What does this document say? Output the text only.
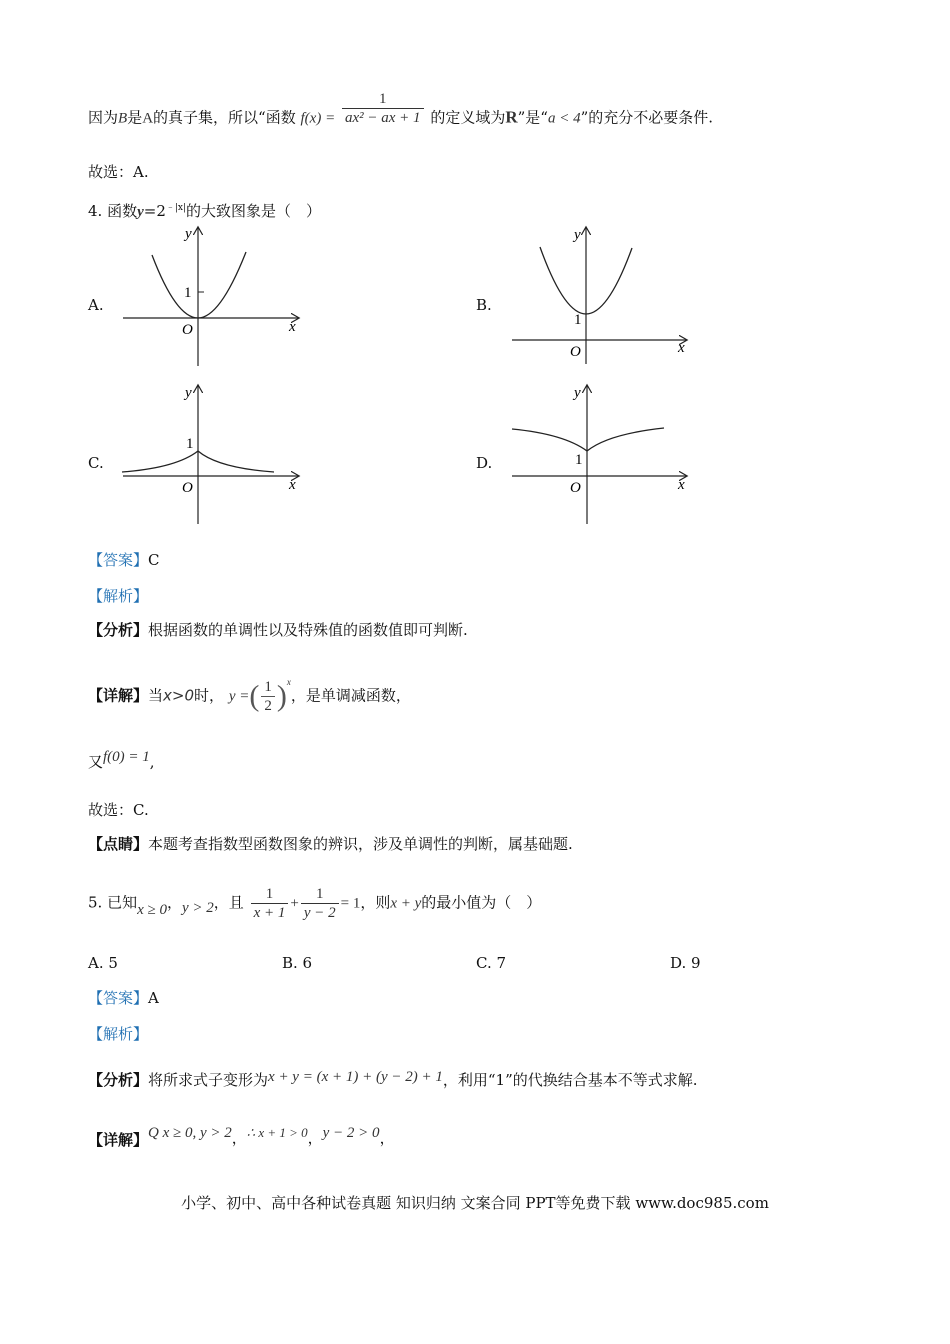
因为B是A的真子集，所以“函数 $f(x) = \frac{1}{\text{ax² − ax + 1}}$ 的定义域为R”是“a < 4”的充分不必要条件.
故选：A.
4. 函数$y=2^{﹣|x|}$的大致图象是（　）
A.	B.
C.	D.
1
O	x
y
1
O	x
y
1
O	x
y
1
O	x
y
【答案】C
【解析】
【分析】根据函数的单调性以及特殊值的函数值即可判断.
【详解】当x>0时， y =( $\frac{1}{2} )^x$，是单调减函数，
又f(0) = 1,
故选：C.
【点睛】本题考查指数型函数图象的辨识，涉及单调性的判断，属基础题.
5. 已知x ≥ 0，y > 2，且 $\frac{1}{x + 1} + \frac{1}{y - 2} = 1$，则x + y的最小值为（　）
A. 5	B. 6	C. 7	D. 9
【答案】A
【解析】
【分析】将所求式子变形为x + y = (x + 1) + (y − 2) + 1，利用“1”的代换结合基本不等式求解.
【详解】Q x ≥ 0, y > 2，∴ x + 1 > 0，y − 2 > 0，
小学、初中、高中各种试卷真题 知识归纳 文案合同 PPT等免费下载 www.doc985.com
